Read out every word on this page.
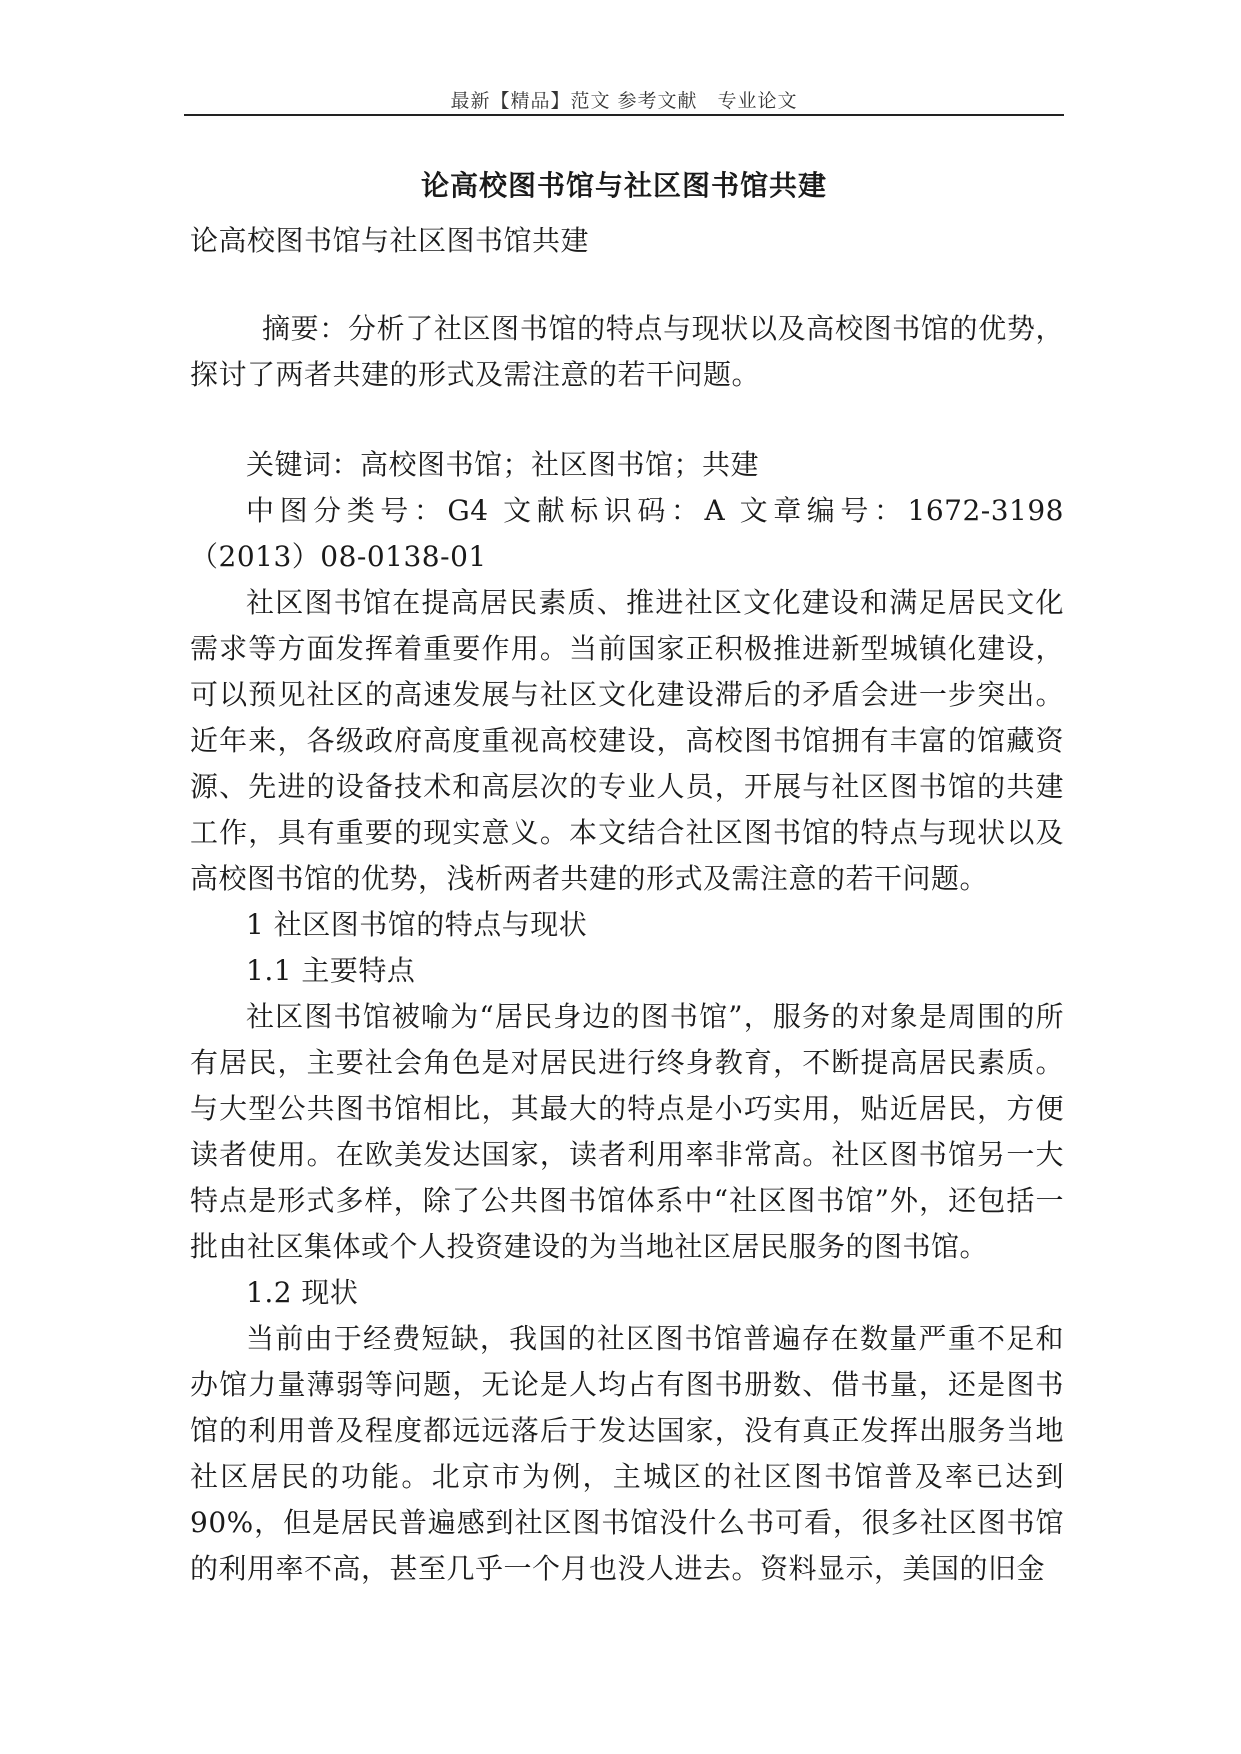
最新【精品】范文 参考文献　专业论文
论高校图书馆与社区图书馆共建

论高校图书馆与社区图书馆共建

摘要：分析了社区图书馆的特点与现状以及高校图书馆的优势，探讨了两者共建的形式及需注意的若干问题。

关键词：高校图书馆；社区图书馆；共建

中图分类号：G4 文献标识码：A 文章编号：1672-3198（2013）08-0138-01

社区图书馆在提高居民素质、推进社区文化建设和满足居民文化需求等方面发挥着重要作用。当前国家正积极推进新型城镇化建设，可以预见社区的高速发展与社区文化建设滞后的矛盾会进一步突出。近年来，各级政府高度重视高校建设，高校图书馆拥有丰富的馆藏资源、先进的设备技术和高层次的专业人员，开展与社区图书馆的共建工作，具有重要的现实意义。本文结合社区图书馆的特点与现状以及高校图书馆的优势，浅析两者共建的形式及需注意的若干问题。

1 社区图书馆的特点与现状

1.1 主要特点

社区图书馆被喻为“居民身边的图书馆”，服务的对象是周围的所有居民，主要社会角色是对居民进行终身教育，不断提高居民素质。与大型公共图书馆相比，其最大的特点是小巧实用，贴近居民，方便读者使用。在欧美发达国家，读者利用率非常高。社区图书馆另一大特点是形式多样，除了公共图书馆体系中“社区图书馆”外，还包括一批由社区集体或个人投资建设的为当地社区居民服务的图书馆。

1.2 现状

当前由于经费短缺，我国的社区图书馆普遍存在数量严重不足和办馆力量薄弱等问题，无论是人均占有图书册数、借书量，还是图书馆的利用普及程度都远远落后于发达国家，没有真正发挥出服务当地社区居民的功能。北京市为例，主城区的社区图书馆普及率已达到90%，但是居民普遍感到社区图书馆没什么书可看，很多社区图书馆的利用率不高，甚至几乎一个月也没人进去。资料显示，美国的旧金
